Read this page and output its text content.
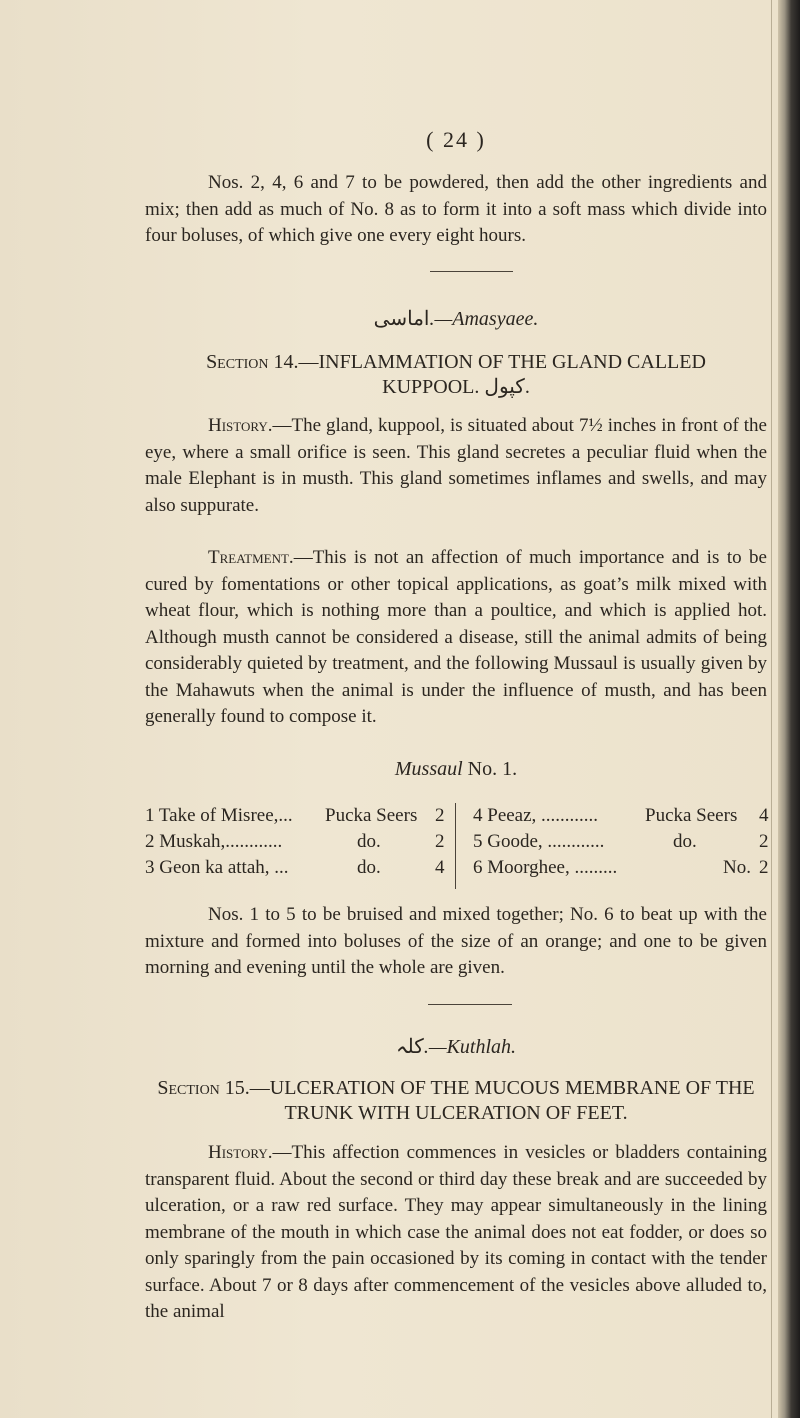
( 24 )
Nos. 2, 4, 6 and 7 to be powdered, then add the other ingredients and mix; then add as much of No. 8 as to form it into a soft mass which divide into four boluses, of which give one every eight hours.
اماسی.—Amasyaee.
Section 14.—INFLAMMATION OF THE GLAND CALLED
KUPPOOL. کپول.
History.—The gland, kuppool, is situated about 7½ inches in front of the eye, where a small orifice is seen. This gland secretes a peculiar fluid when the male Elephant is in musth. This gland sometimes inflames and swells, and may also suppurate.
Treatment.—This is not an affection of much importance and is to be cured by fomentations or other topical applications, as goat’s milk mixed with wheat flour, which is nothing more than a poultice, and which is applied hot. Although musth cannot be considered a disease, still the animal admits of being considerably quieted by treatment, and the following Mussaul is usually given by the Mahawuts when the animal is under the influence of musth, and has been generally found to compose it.
Mussaul No. 1.
1 Take of Misree,... Pucka Seers 2
2 Muskah,............	do.	2
3 Geon ka attah, ...	do.	4
4 Peeaz, ............ Pucka Seers 4
5 Goode, ............	do.	2
6 Moorghee, .........	No. 2
Nos. 1 to 5 to be bruised and mixed together; No. 6 to beat up with the mixture and formed into boluses of the size of an orange; and one to be given morning and evening until the whole are given.
کلہ.—Kuthlah.
Section 15.—ULCERATION OF THE MUCOUS MEMBRANE OF THE
TRUNK WITH ULCERATION OF FEET.
History.—This affection commences in vesicles or bladders containing transparent fluid. About the second or third day these break and are succeeded by ulceration, or a raw red surface. They may appear simultaneously in the lining membrane of the mouth in which case the animal does not eat fodder, or does so only sparingly from the pain occasioned by its coming in contact with the tender surface. About 7 or 8 days after commencement of the vesicles above alluded to, the animal
